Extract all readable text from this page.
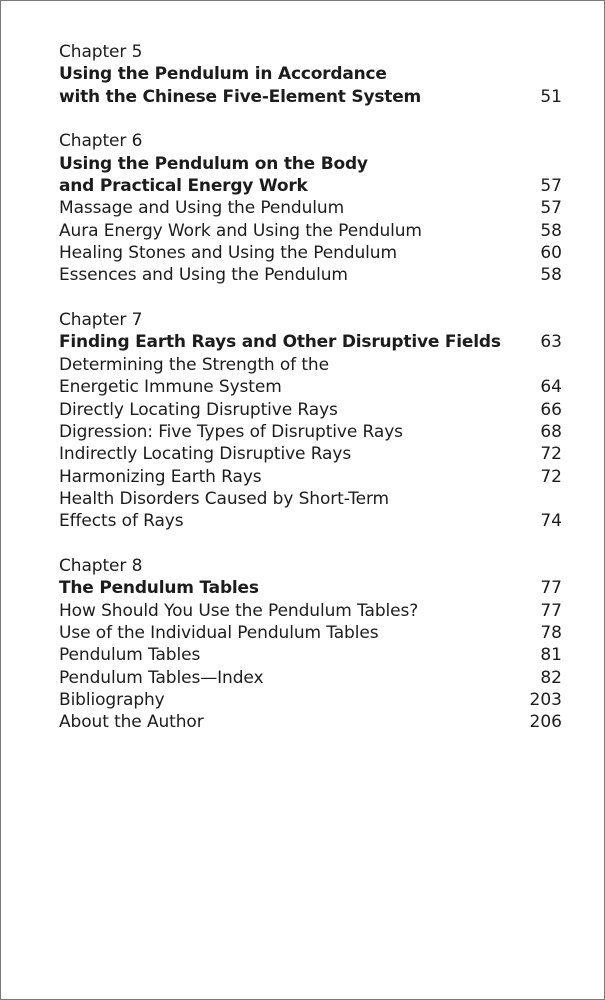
Chapter 5
Using the Pendulum in Accordance
with the Chinese Five-Element System	51
Chapter 6
Using the Pendulum on the Body
and Practical Energy Work	57
Massage and Using the Pendulum	57
Aura Energy Work and Using the Pendulum	58
Healing Stones and Using the Pendulum	60
Essences and Using the Pendulum	58
Chapter 7
Finding Earth Rays and Other Disruptive Fields	63
Determining the Strength of the
Energetic Immune System	64
Directly Locating Disruptive Rays	66
Digression: Five Types of Disruptive Rays	68
Indirectly Locating Disruptive Rays	72
Harmonizing Earth Rays	72
Health Disorders Caused by Short-Term
Effects of Rays	74
Chapter 8
The Pendulum Tables	77
How Should You Use the Pendulum Tables?	77
Use of the Individual Pendulum Tables	78
Pendulum Tables	81
Pendulum Tables—Index	82
Bibliography	203
About the Author	206
